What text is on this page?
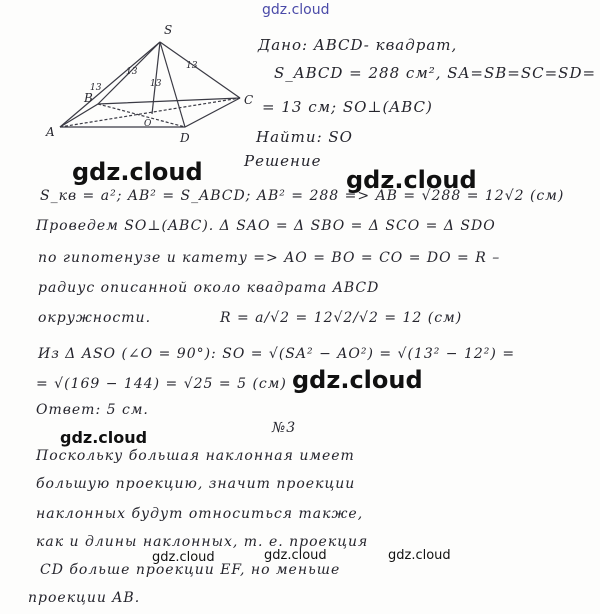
gdz.cloud
S
A
B	C
D
O
13
13
13
13
Дано: ABCD- квадрат,
S_ABCD = 288 см², SA=SB=SC=SD=
= 13 см; SO⊥(ABC)
Найти: SO
gdz.cloud	Решение
gdz.cloud
S_кв = a²; AB² = S_ABCD; AB² = 288 => AB = √288 = 12√2 (см)
Проведем SO⊥(ABC). Δ SAO = Δ SBO = Δ SCO = Δ SDO
по гипотенузе и катету => AO = BO = CO = DO = R –
радиус описанной около квадрата ABCD
окружности.	R = a/√2 = 12√2/√2 = 12 (см)
Из Δ ASO (∠O = 90°): SO = √(SA² − AO²) = √(13² − 12²) =
= √(169 − 144) = √25 = 5 (см) gdz.cloud
Ответ: 5 см.
gdz.cloud	№3
Поскольку большая наклонная имеет
большую проекцию, значит проекции
наклонных будут относиться также,
как и длины наклонных, т. е. проекция
gdz.cloud	gdz.cloud	gdz.cloud
CD больше проекции EF, но меньше
проекции AB.
